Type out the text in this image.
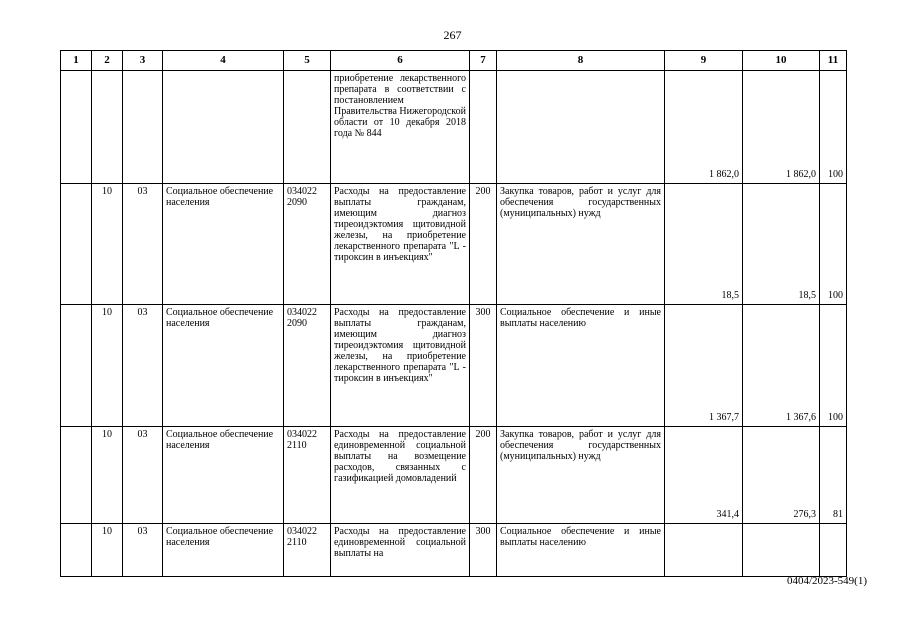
267
1	2	3	4	5	6	7	8	9	10	11
					приобретение лекарственного препарата в соответствии с постановлением Правительства Нижегородской области от 10 декабря 2018 года № 844			1 862,0	1 862,0	100
	10	03	Социальное обеспечение населения	034022 2090	Расходы на предоставление выплаты гражданам, имеющим диагноз тиреоидэктомия щитовидной железы, на приобретение лекарственного препарата "L - тироксин в инъекциях"	200	Закупка товаров, работ и услуг для обеспечения государственных (муниципальных) нужд	18,5	18,5	100
	10	03	Социальное обеспечение населения	034022 2090	Расходы на предоставление выплаты гражданам, имеющим диагноз тиреоидэктомия щитовидной железы, на приобретение лекарственного препарата "L - тироксин в инъекциях"	300	Социальное обеспечение и иные выплаты населению	1 367,7	1 367,6	100
	10	03	Социальное обеспечение населения	034022 2110	Расходы на предоставление единовременной социальной выплаты на возмещение расходов, связанных с газификацией домовладений	200	Закупка товаров, работ и услуг для обеспечения государственных (муниципальных) нужд	341,4	276,3	81
	10	03	Социальное обеспечение населения	034022 2110	Расходы на предоставление единовременной социальной выплаты на	300	Социальное обеспечение и иные выплаты населению			
0404/2023-549(1)
